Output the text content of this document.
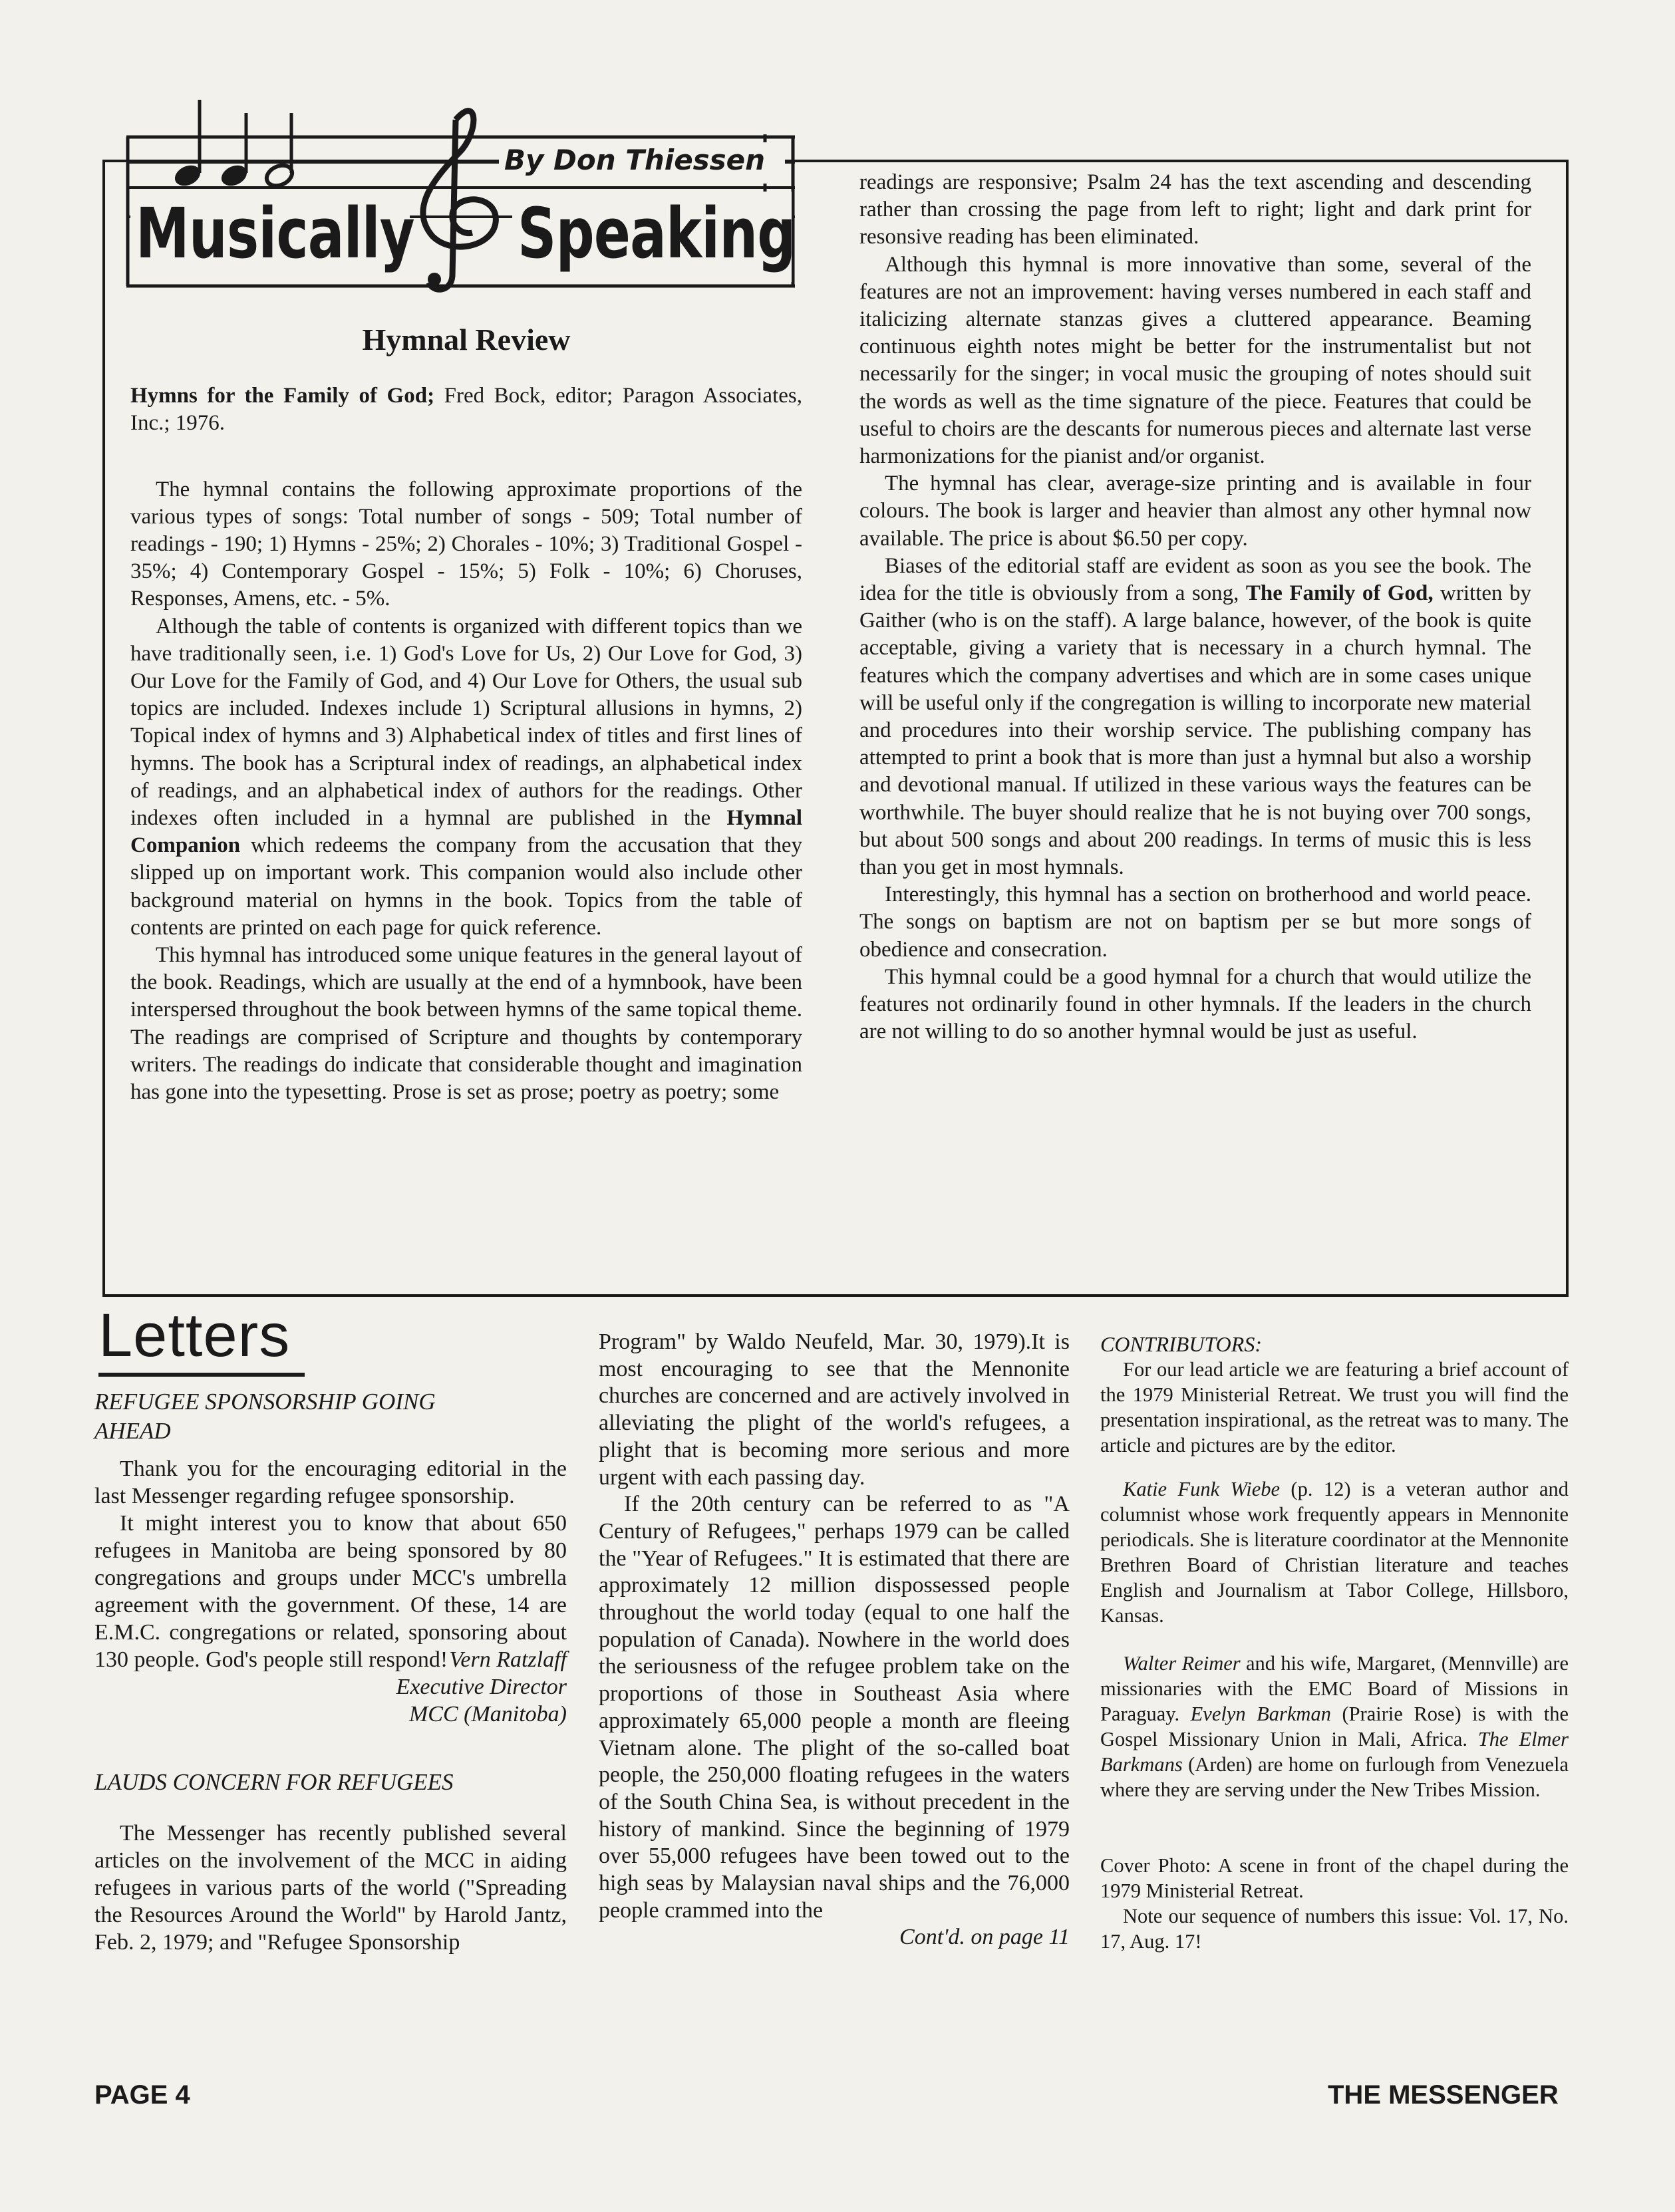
By Don Thiessen
Musically Speaking
Hymnal Review

Hymns for the Family of God; Fred Bock, editor; Paragon Associates, Inc.; 1976.

The hymnal contains the following approximate proportions of the various types of songs: Total number of songs - 509; Total number of readings - 190; 1) Hymns - 25%; 2) Chorales - 10%; 3) Traditional Gospel - 35%; 4) Contemporary Gospel - 15%; 5) Folk - 10%; 6) Choruses, Responses, Amens, etc. - 5%.

Although the table of contents is organized with different topics than we have traditionally seen, i.e. 1) God's Love for Us, 2) Our Love for God, 3) Our Love for the Family of God, and 4) Our Love for Others, the usual sub topics are included. Indexes include 1) Scriptural allusions in hymns, 2) Topical index of hymns and 3) Alphabetical index of titles and first lines of hymns. The book has a Scriptural index of readings, an alphabetical index of readings, and an alphabetical index of authors for the readings. Other indexes often included in a hymnal are published in the Hymnal Companion which redeems the company from the accusation that they slipped up on important work. This companion would also include other background material on hymns in the book. Topics from the table of contents are printed on each page for quick reference.

This hymnal has introduced some unique features in the general layout of the book. Readings, which are usually at the end of a hymnbook, have been interspersed throughout the book between hymns of the same topical theme. The readings are comprised of Scripture and thoughts by contemporary writers. The readings do indicate that considerable thought and imagination has gone into the typesetting. Prose is set as prose; poetry as poetry; some

readings are responsive; Psalm 24 has the text ascending and descending rather than crossing the page from left to right; light and dark print for resonsive reading has been eliminated.

Although this hymnal is more innovative than some, several of the features are not an improvement: having verses numbered in each staff and italicizing alternate stanzas gives a cluttered appearance. Beaming continuous eighth notes might be better for the instrumentalist but not necessarily for the singer; in vocal music the grouping of notes should suit the words as well as the time signature of the piece. Features that could be useful to choirs are the descants for numerous pieces and alternate last verse harmonizations for the pianist and/or organist.

The hymnal has clear, average-size printing and is available in four colours. The book is larger and heavier than almost any other hymnal now available. The price is about $6.50 per copy.

Biases of the editorial staff are evident as soon as you see the book. The idea for the title is obviously from a song, The Family of God, written by Gaither (who is on the staff). A large balance, however, of the book is quite acceptable, giving a variety that is necessary in a church hymnal. The features which the company advertises and which are in some cases unique will be useful only if the congregation is willing to incorporate new material and procedures into their worship service. The publishing company has attempted to print a book that is more than just a hymnal but also a worship and devotional manual. If utilized in these various ways the features can be worthwhile. The buyer should realize that he is not buying over 700 songs, but about 500 songs and about 200 readings. In terms of music this is less than you get in most hymnals.

Interestingly, this hymnal has a section on brotherhood and world peace. The songs on baptism are not on baptism per se but more songs of obedience and consecration.

This hymnal could be a good hymnal for a church that would utilize the features not ordinarily found in other hymnals. If the leaders in the church are not willing to do so another hymnal would be just as useful.

Letters

REFUGEE SPONSORSHIP GOING AHEAD

Thank you for the encouraging editorial in the last Messenger regarding refugee sponsorship.

It might interest you to know that about 650 refugees in Manitoba are being sponsored by 80 congregations and groups under MCC's umbrella agreement with the government. Of these, 14 are E.M.C. congregations or related, sponsoring about 130 people. God's people still respond! Vern Ratzlaff
Executive Director
MCC (Manitoba)

LAUDS CONCERN FOR REFUGEES

The Messenger has recently published several articles on the involvement of the MCC in aiding refugees in various parts of the world ("Spreading the Resources Around the World" by Harold Jantz, Feb. 2, 1979; and "Refugee Sponsorship

Program" by Waldo Neufeld, Mar. 30, 1979).It is most encouraging to see that the Mennonite churches are concerned and are actively involved in alleviating the plight of the world's refugees, a plight that is becoming more serious and more urgent with each passing day.

If the 20th century can be referred to as "A Century of Refugees," perhaps 1979 can be called the "Year of Refugees." It is estimated that there are approximately 12 million dispossessed people throughout the world today (equal to one half the population of Canada). Nowhere in the world does the seriousness of the refugee problem take on the proportions of those in Southeast Asia where approximately 65,000 people a month are fleeing Vietnam alone. The plight of the so-called boat people, the 250,000 floating refugees in the waters of the South China Sea, is without precedent in the history of mankind. Since the beginning of 1979 over 55,000 refugees have been towed out to the high seas by Malaysian naval ships and the 76,000 people crammed into the

Cont'd. on page 11

CONTRIBUTORS:

For our lead article we are featuring a brief account of the 1979 Ministerial Retreat. We trust you will find the presentation inspirational, as the retreat was to many. The article and pictures are by the editor.

Katie Funk Wiebe (p. 12) is a veteran author and columnist whose work frequently appears in Mennonite periodicals. She is literature coordinator at the Mennonite Brethren Board of Christian literature and teaches English and Journalism at Tabor College, Hillsboro, Kansas.

Walter Reimer and his wife, Margaret, (Mennville) are missionaries with the EMC Board of Missions in Paraguay. Evelyn Barkman (Prairie Rose) is with the Gospel Missionary Union in Mali, Africa. The Elmer Barkmans (Arden) are home on furlough from Venezuela where they are serving under the New Tribes Mission.

Cover Photo: A scene in front of the chapel during the 1979 Ministerial Retreat.

Note our sequence of numbers this issue: Vol. 17, No. 17, Aug. 17!

PAGE 4	THE MESSENGER
